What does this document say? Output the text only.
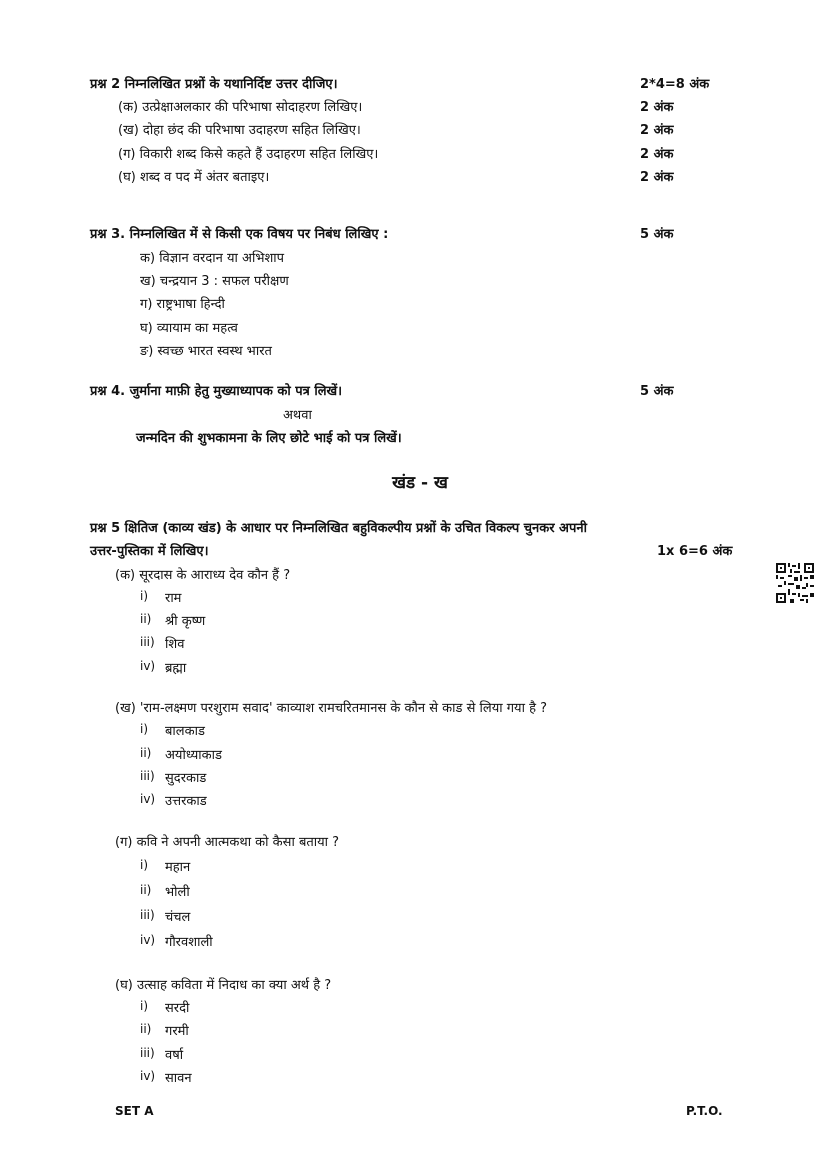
प्रश्न 2 निम्नलिखित प्रश्नों के यथानिर्दिष्ट उत्तर दीजिए।	2*4=8 अंक
(क) उत्प्रेक्षाअलकार की परिभाषा सोदाहरण लिखिए।	2 अंक
(ख) दोहा छंद की परिभाषा उदाहरण सहित लिखिए।	2 अंक
(ग) विकारी शब्द किसे कहते हैं उदाहरण सहित लिखिए।	2 अंक
(घ) शब्द व पद में अंतर बताइए।	2 अंक
प्रश्न 3. निम्नलिखित में से किसी एक विषय पर निबंध लिखिए :	5 अंक
क) विज्ञान वरदान या अभिशाप
ख) चन्द्रयान 3 : सफल परीक्षण
ग) राष्ट्रभाषा हिन्दी
घ) व्यायाम का महत्व
ङ) स्वच्छ भारत स्वस्थ भारत
प्रश्न 4. जुर्माना माफ़ी हेतु मुख्याध्यापक को पत्र लिखें।	5 अंक
अथवा
जन्मदिन की शुभकामना के लिए छोटे भाई को पत्र लिखें।
खंड - ख
प्रश्न 5 क्षितिज (काव्य खंड) के आधार पर निम्नलिखित बहुविकल्पीय प्रश्नों के उचित विकल्प चुनकर अपनी
उत्तर-पुस्तिका में लिखिए।	1x 6=6 अंक
(क) सूरदास के आराध्य देव कौन हैं ?
i) राम
ii) श्री कृष्ण
iii) शिव
iv) ब्रह्मा
(ख) 'राम-लक्ष्मण परशुराम सवाद' काव्याश रामचरितमानस के कौन से काड से लिया गया है ?
i) बालकाड
ii) अयोध्याकाड
iii) सुदरकाड
iv) उत्तरकाड
(ग) कवि ने अपनी आत्मकथा को कैसा बताया ?
i) महान
ii) भोली
iii) चंचल
iv) गौरवशाली
(घ) उत्साह कविता में निदाध का क्या अर्थ है ?
i) सरदी
ii) गरमी
iii) वर्षा
iv) सावन
SET A	P.T.O.
